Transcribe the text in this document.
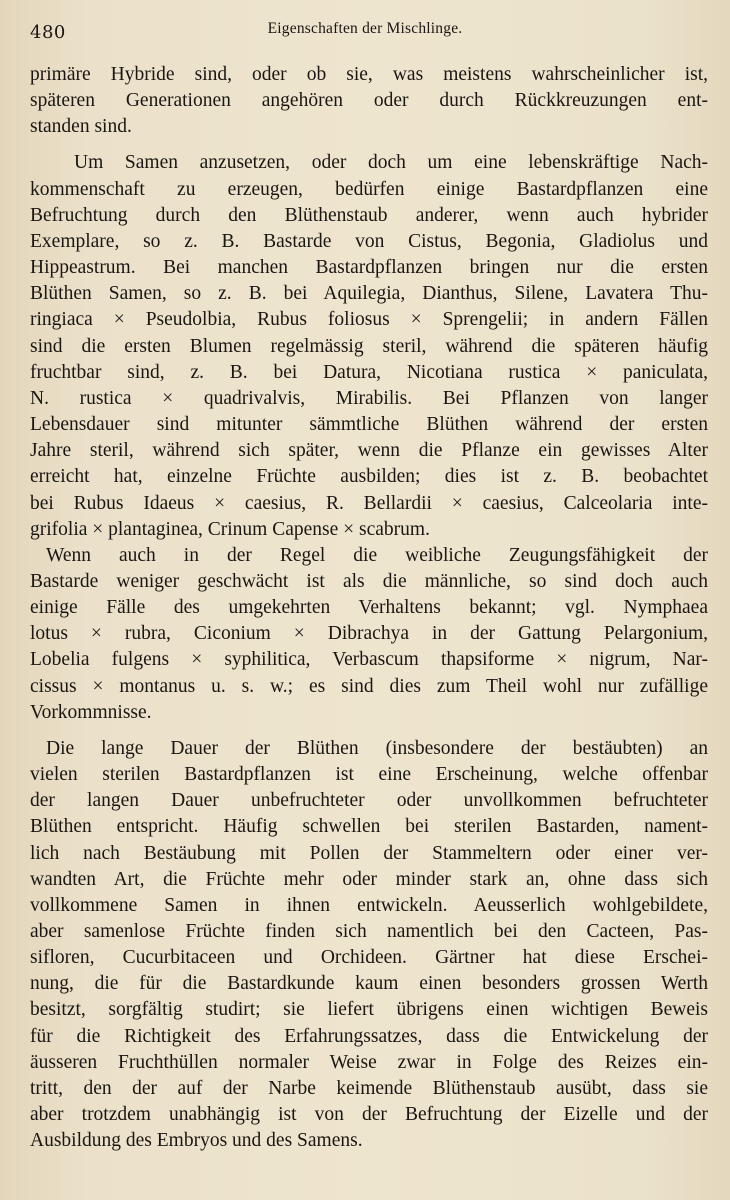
480	Eigenschaften der Mischlinge.
primäre Hybride sind, oder ob sie, was meistens wahrscheinlicher ist,
späteren Generationen angehören oder durch Rückkreuzungen ent-
standen sind.
Um Samen anzusetzen, oder doch um eine lebenskräftige Nach-
kommenschaft zu erzeugen, bedürfen einige Bastardpflanzen eine
Befruchtung durch den Blüthenstaub anderer, wenn auch hybrider
Exemplare, so z. B. Bastarde von Cistus, Begonia, Gladiolus und
Hippeastrum. Bei manchen Bastardpflanzen bringen nur die ersten
Blüthen Samen, so z. B. bei Aquilegia, Dianthus, Silene, Lavatera Thu-
ringiaca × Pseudolbia, Rubus foliosus × Sprengelii; in andern Fällen
sind die ersten Blumen regelmässig steril, während die späteren häufig
fruchtbar sind, z. B. bei Datura, Nicotiana rustica × paniculata,
N. rustica × quadrivalvis, Mirabilis. Bei Pflanzen von langer
Lebensdauer sind mitunter sämmtliche Blüthen während der ersten
Jahre steril, während sich später, wenn die Pflanze ein gewisses Alter
erreicht hat, einzelne Früchte ausbilden; dies ist z. B. beobachtet
bei Rubus Idaeus × caesius, R. Bellardii × caesius, Calceolaria inte-
grifolia × plantaginea, Crinum Capense × scabrum.
Wenn auch in der Regel die weibliche Zeugungsfähigkeit der
Bastarde weniger geschwächt ist als die männliche, so sind doch auch
einige Fälle des umgekehrten Verhaltens bekannt; vgl. Nymphaea
lotus × rubra, Ciconium × Dibrachya in der Gattung Pelargonium,
Lobelia fulgens × syphilitica, Verbascum thapsiforme × nigrum, Nar-
cissus × montanus u. s. w.; es sind dies zum Theil wohl nur zufällige
Vorkommnisse.
Die lange Dauer der Blüthen (insbesondere der bestäubten) an
vielen sterilen Bastardpflanzen ist eine Erscheinung, welche offenbar
der langen Dauer unbefruchteter oder unvollkommen befruchteter
Blüthen entspricht. Häufig schwellen bei sterilen Bastarden, nament-
lich nach Bestäubung mit Pollen der Stammeltern oder einer ver-
wandten Art, die Früchte mehr oder minder stark an, ohne dass sich
vollkommene Samen in ihnen entwickeln. Aeusserlich wohlgebildete,
aber samenlose Früchte finden sich namentlich bei den Cacteen, Pas-
sifloren, Cucurbitaceen und Orchideen. Gärtner hat diese Erschei-
nung, die für die Bastardkunde kaum einen besonders grossen Werth
besitzt, sorgfältig studirt; sie liefert übrigens einen wichtigen Beweis
für die Richtigkeit des Erfahrungssatzes, dass die Entwickelung der
äusseren Fruchthüllen normaler Weise zwar in Folge des Reizes ein-
tritt, den der auf der Narbe keimende Blüthenstaub ausübt, dass sie
aber trotzdem unabhängig ist von der Befruchtung der Eizelle und der
Ausbildung des Embryos und des Samens.
